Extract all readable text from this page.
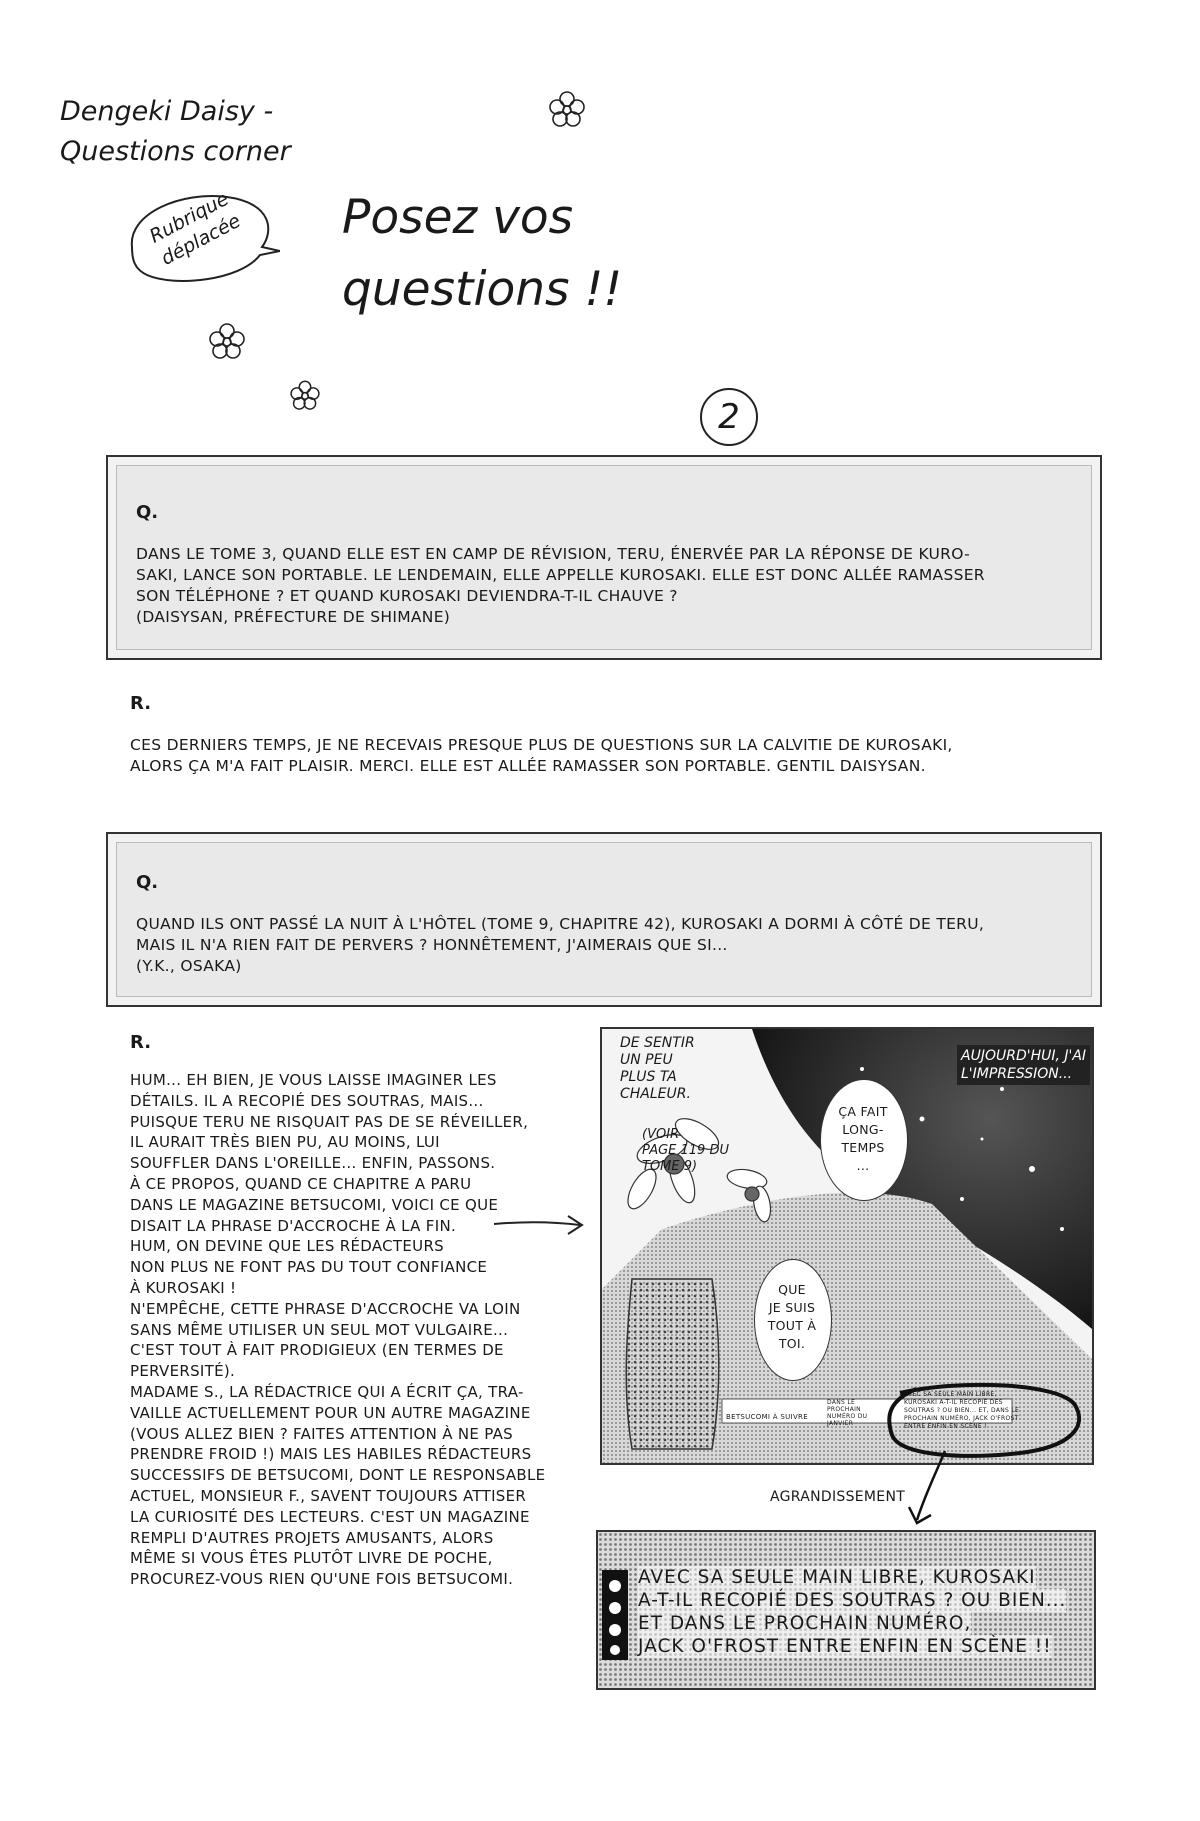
Dengeki Daisy -
Questions corner
Rubrique déplacée	Posez vos
questions !!
2
Q.
DANS LE TOME 3, QUAND ELLE EST EN CAMP DE RÉVISION, TERU, ÉNERVÉE PAR LA RÉPONSE DE KURO-
SAKI, LANCE SON PORTABLE. LE LENDEMAIN, ELLE APPELLE KUROSAKI. ELLE EST DONC ALLÉE RAMASSER
SON TÉLÉPHONE ? ET QUAND KUROSAKI DEVIENDRA-T-IL CHAUVE ?
(DAISYSAN, PRÉFECTURE DE SHIMANE)
R.
CES DERNIERS TEMPS, JE NE RECEVAIS PRESQUE PLUS DE QUESTIONS SUR LA CALVITIE DE KUROSAKI,
ALORS ÇA M'A FAIT PLAISIR. MERCI. ELLE EST ALLÉE RAMASSER SON PORTABLE. GENTIL DAISYSAN.
Q.
QUAND ILS ONT PASSÉ LA NUIT À L'HÔTEL (TOME 9, CHAPITRE 42), KUROSAKI A DORMI À CÔTÉ DE TERU,
MAIS IL N'A RIEN FAIT DE PERVERS ? HONNÊTEMENT, J'AIMERAIS QUE SI...
(Y.K., OSAKA)
R.
HUM... EH BIEN, JE VOUS LAISSE IMAGINER LES
DÉTAILS. IL A RECOPIÉ DES SOUTRAS, MAIS...
PUISQUE TERU NE RISQUAIT PAS DE SE RÉVEILLER,
IL AURAIT TRÈS BIEN PU, AU MOINS, LUI
SOUFFLER DANS L'OREILLE... ENFIN, PASSONS.
À CE PROPOS, QUAND CE CHAPITRE A PARU
DANS LE MAGAZINE BETSUCOMI, VOICI CE QUE
DISAIT LA PHRASE D'ACCROCHE À LA FIN.
HUM, ON DEVINE QUE LES RÉDACTEURS
NON PLUS NE FONT PAS DU TOUT CONFIANCE
À KUROSAKI !
N'EMPÊCHE, CETTE PHRASE D'ACCROCHE VA LOIN
SANS MÊME UTILISER UN SEUL MOT VULGAIRE...
C'EST TOUT À FAIT PRODIGIEUX (EN TERMES DE
PERVERSITÉ).
MADAME S., LA RÉDACTRICE QUI A ÉCRIT ÇA, TRA-
VAILLE ACTUELLEMENT POUR UN AUTRE MAGAZINE
(VOUS ALLEZ BIEN ? FAITES ATTENTION À NE PAS
PRENDRE FROID !) MAIS LES HABILES RÉDACTEURS
SUCCESSIFS DE BETSUCOMI, DONT LE RESPONSABLE
ACTUEL, MONSIEUR F., SAVENT TOUJOURS ATTISER
LA CURIOSITÉ DES LECTEURS. C'EST UN MAGAZINE
REMPLI D'AUTRES PROJETS AMUSANTS, ALORS
MÊME SI VOUS ÊTES PLUTÔT LIVRE DE POCHE,
PROCUREZ-VOUS RIEN QU'UNE FOIS BETSUCOMI.
DE SENTIR
UN PEU
PLUS TA
CHALEUR.
(VOIR
PAGE 119 DU
TOME 9)
AUJOURD'HUI, J'AI
L'IMPRESSION...
ÇA FAIT
LONG-
TEMPS
...
QUE
JE SUIS
TOUT À
TOI.
BETSUCOMI À SUIVRE
DANS LE
PROCHAIN
NUMÉRO DU
JANVIER
AVEC SA SEULE MAIN LIBRE,
KUROSAKI A-T-IL RECOPIÉ DES
SOUTRAS ? OU BIEN... ET, DANS LE
PROCHAIN NUMÉRO, JACK O'FROST
ENTRE ENFIN EN SCÈNE !
AGRANDISSEMENT
AVEC SA SEULE MAIN LIBRE, KUROSAKI
A-T-IL RECOPIÉ DES SOUTRAS ? OU BIEN...
ET DANS LE PROCHAIN NUMÉRO,
JACK O'FROST ENTRE ENFIN EN SCÈNE !!
